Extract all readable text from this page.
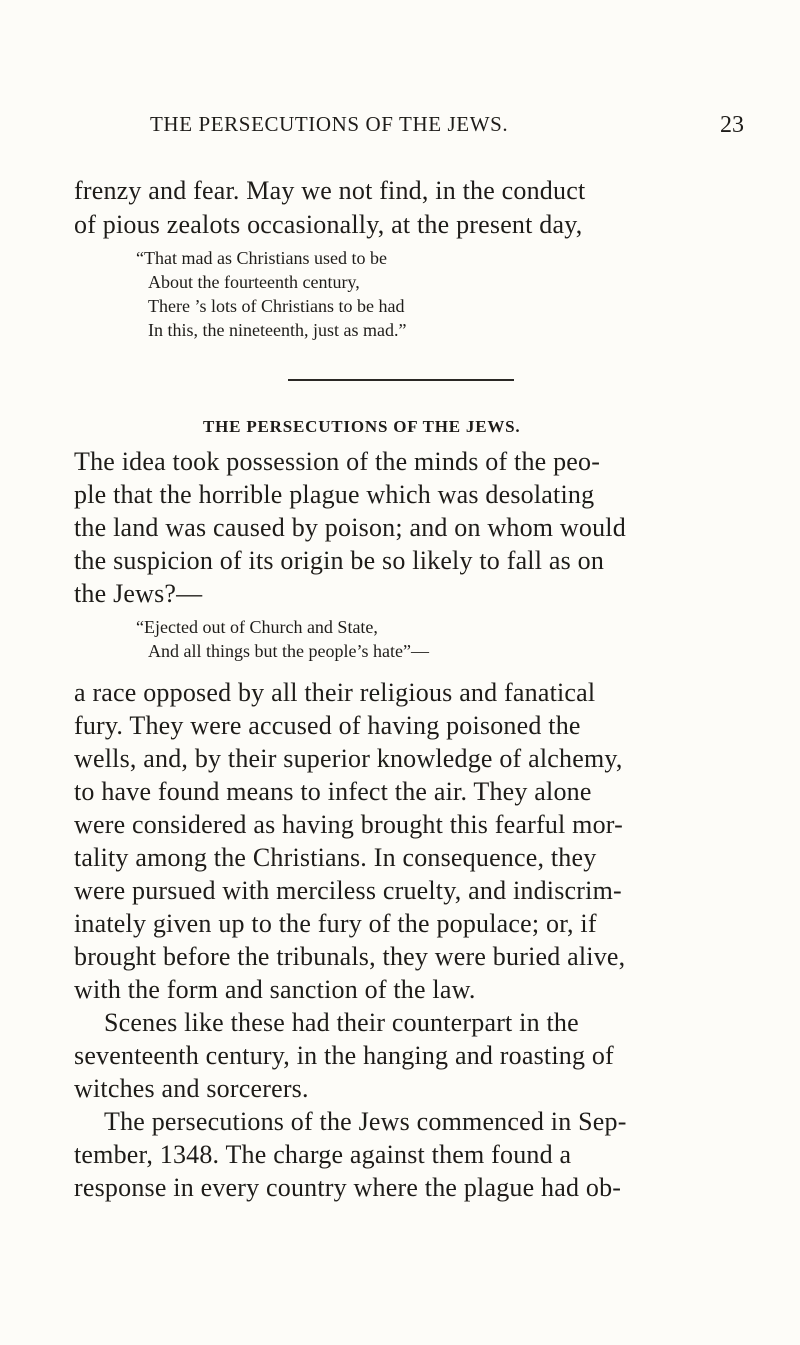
THE PERSECUTIONS OF THE JEWS.	23
frenzy and fear. May we not find, in the conduct
of pious zealots occasionally, at the present day,
“That mad as Christians used to be
About the fourteenth century,
There ’s lots of Christians to be had
In this, the nineteenth, just as mad.”
THE PERSECUTIONS OF THE JEWS.
The idea took possession of the minds of the peo-
ple that the horrible plague which was desolating
the land was caused by poison; and on whom would
the suspicion of its origin be so likely to fall as on
the Jews?—
“Ejected out of Church and State,
And all things but the people’s hate”—
a race opposed by all their religious and fanatical
fury. They were accused of having poisoned the
wells, and, by their superior knowledge of alchemy,
to have found means to infect the air. They alone
were considered as having brought this fearful mor-
tality among the Christians. In consequence, they
were pursued with merciless cruelty, and indiscrim-
inately given up to the fury of the populace; or, if
brought before the tribunals, they were buried alive,
with the form and sanction of the law.
Scenes like these had their counterpart in the
seventeenth century, in the hanging and roasting of
witches and sorcerers.
The persecutions of the Jews commenced in Sep-
tember, 1348. The charge against them found a
response in every country where the plague had ob-
